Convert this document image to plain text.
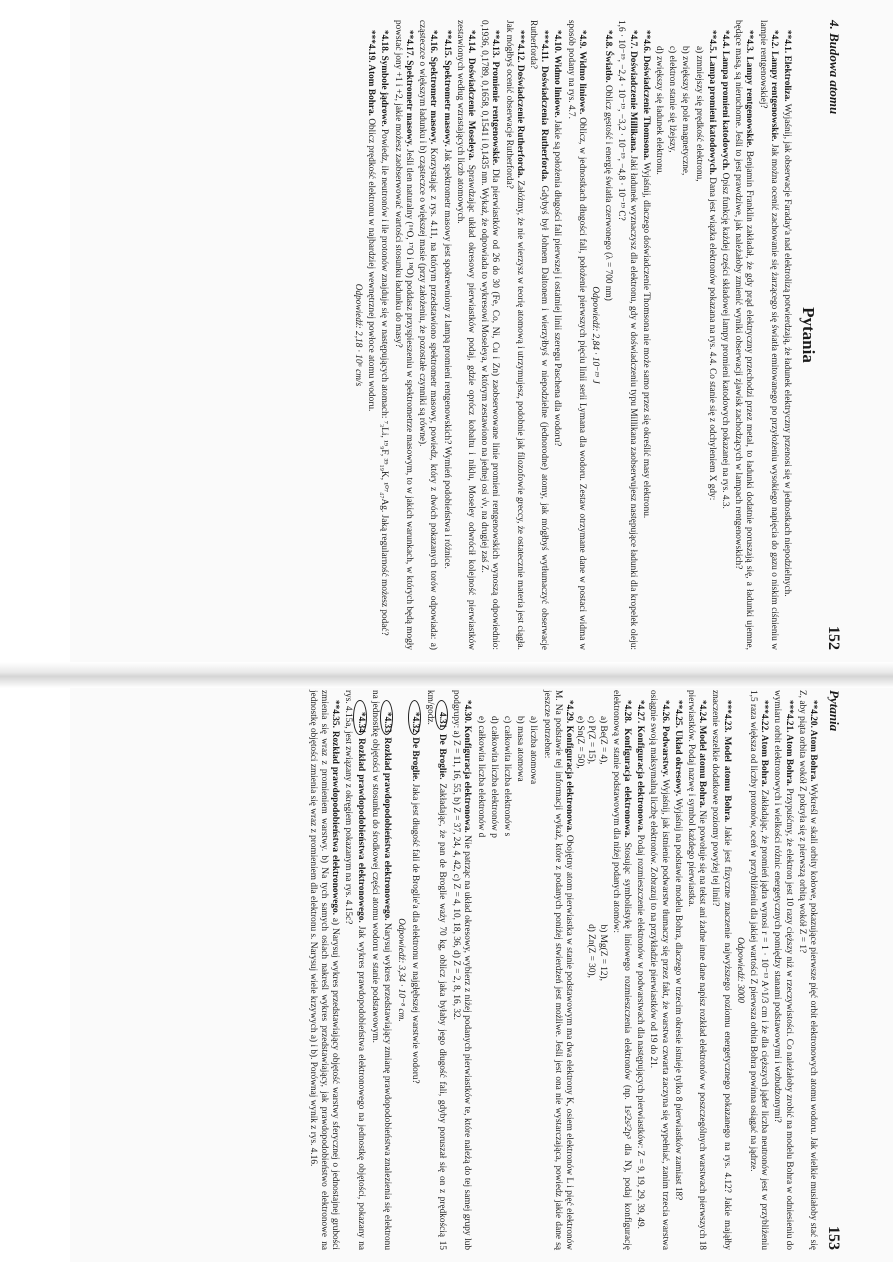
4. Budowa atomu
152
Pytania

**4.1. Elektroliza. Wyjaśnij, jak obserwacje Faraday'a nad elektrolizą potwierdzają, że ładunek elektryczny przenosi się w jednostkach niepodzielnych.

*4.2. Lampy rentgenowskie. Jak można ocenić zachowanie się żarzącego się światła emitowanego po przyłożeniu wysokiego napięcia do gazu o niskim ciśnieniu w lampie rentgenowskiej?

**4.3. Lampy rentgenowskie. Benjamin Franklin zakładał, że gdy prąd elektryczny przechodzi przez metal, to ładunki dodatnie poruszają się, a ładunki ujemne, będące masą, są nieruchome. Jeśli to jest prawdziwe, jak należałoby zmienić wyniki obserwacji zjawisk zachodzących w lampach rentgenowskich?

*4.4. Lampa promieni katodowych. Opisz funkcję każdej części składowej lampy promieni katodowych pokazanej na rys. 4.3.

**4.5. Lampa promieni katodowych. Dana jest wiązka elektronów pokazana na rys. 4.4. Co stanie się z odchyleniem X gdy:

a) zmniejszy się prędkość elektronu,

b) zwiększy się pole magnetyczne,

c) elektron stanie się lżejszy,

d) zwiększy się ładunek elektronu.

**4.6. Doświadczenie Thomsona. Wyjaśnij, dlaczego doświadczenie Thomsona nie może samo przez się określić masy elektronu.

*4.7. Doświadczenie Millikana. Jaki ładunek wyznaczysz dla elektronu, gdy w doświadczeniu typu Millikana zaobserwujesz następujące ładunki dla kropelek oleju: 1,6 · 10⁻¹⁹, −2,4 · 10⁻¹⁹, −3,2 · 10⁻¹⁹, −4,8 · 10⁻¹⁹ C?

*4.8. Światło. Oblicz gęstość i energię światła czerwonego (λ = 700 nm)

Odpowiedź: 2,84 · 10⁻¹⁹ J

*4.9. Widmo liniowe. Oblicz, w jednostkach długości fali, położenie pierwszych pięciu linii serii Lymana dla wodoru. Zestaw otrzymane dane w postaci widma w sposób podany na rys. 4.7.

*4.10. Widmo liniowe. Jakie są położenia długości fali pierwszej i ostatniej linii szeregu Paschena dla wodoru?

***4.11. Doświadczenia Rutherforda. Gdybyś był Johnem Daltonem i wierzyłbyś w niepodzielne (jednorodne) atomy, jak mógłbyś wytłumaczyć obserwacje Rutherforda?

***4.12. Doświadczenie Rutherforda. Załóżmy, że nie wierzysz w teorię atomową i utrzymujesz, podobnie jak filozofowie greccy, że ostatecznie materia jest ciągła. Jak mógłbyś ocenić obserwacje Rutherforda?

**4.13. Promienie rentgenowskie. Dla pierwiastków od 26 do 30 (Fe, Co, Ni, Cu i Zn) zaobserwowane linie promieni rentgenowskich wynoszą odpowiednio: 0,1936, 0,1789, 0,1658, 0,1541 i 0,1435 nm. Wykaż, że odpowiada to wykresowi Moseleya, w którym zestawiono na jednej osi √ν, na drugiej zaś Z.

*4.14. Doświadczenie Moseleya. Sprawdzając układ okresowy pierwiastków podaj, gdzie oprócz kobaltu i niklu, Moseley odwrócił kolejność pierwiastków zestawionych według wzrastających liczb atomowych.

**4.15. Spektrometr masowy. Jak spektrometr masowy jest spokrewniony z lampą promieni rentgenowskich? Wymień podobieństwa i różnice.

*4.16. Spektrometr masowy. Korzystając z rys. 4.11, na którym przedstawiono spektrometr masowy, powiedz, który z dwóch pokazanych torów odpowiada: a) cząsteczce o większym ładunku i b) cząsteczce o większej masie (przy założeniu, że pozostałe czynniki są równe).

**4.17. Spektrometr masowy. Jeśli tlen naturalny (¹⁶O, ¹⁷O i ¹⁸O) poddasz przyspieszeniu w spektrometrze masowym, to w jakich warunkach, w których będą mogły powstać jony +1 i +2, jakie możesz zaobserwować wartości stosunku ładunku do masy?

*4.18. Symbole jądrowe. Powiedz, ile neutronów i ile protonów znajduje się w następujących atomach: ⁷₃Li, ¹⁹₉F, ³⁹₁₉K, ¹⁰⁷₄₇Ag. Jaką regularność możesz podać?

***4.19. Atom Bohra. Oblicz prędkość elektronu w najbardziej wewnętrznej powłoce atomu wodoru.

Odpowiedź: 2,18 · 10⁶ cm/s

Pytania
153

**4.20. Atom Bohra. Wykreśl w skali orbity kołowe, pokazujące pierwsze pięć orbit elektronowych atomu wodoru. Jak wielkie musiałoby stać się Z, aby piąta orbita wokół Z pokryła się z pierwszą orbitą wokół Z = 1?

***4.21. Atom Bohra. Przypuśćmy, że elektron jest 10 razy cięższy niż w rzeczywistości. Co należałoby zrobić na modelu Bohra w odniesieniu do wymiaru orbit elektronowych i wielkości różnic energetycznych pomiędzy stanami podstawowymi i wzbudzonymi?

***4.22. Atom Bohra. Zakładając, że promień jądra wynosi r = 1 · 10⁻¹³ A^1/3 cm i że dla cięższych jąder liczba neutronów jest w przybliżeniu 1,5 raza większa od liczby protonów, oceń w przybliżeniu dla jakiej wartości Z pierwsza orbita Bohra powinna osiągać na jądrze.

Odpowiedź: 3000

***4.23. Model atomu Bohra. Jakie jest fizyczne znaczenie najwyższego poziomu energetycznego pokazanego na rys. 4.12? Jakie mająłby znaczenie wszelkie dodatkowe poziomy powyżej tej linii?

*4.24. Model atomu Bohra. Nie powołuje się na tekst ani żadne inne dane napisz rozkład elektronów w poszczególnych warstwach pierwszych 18 pierwiastków. Podaj nazwę i symbol każdego pierwiastka.

**4.25. Układ okresowy. Wyjaśnij na podstawie modelu Bohra, dlaczego w trzecim okresie istnieje tylko 8 pierwiastków zamiast 18?

*4.26. Podwarstwy. Wyjaśnij, jak istnienie podwarstw tłumaczy się przez fakt, że warstwa czwarta zaczyna się wypełniać, zanim trzecia warstwa osiągnie swoją maksymalną liczbę elektronów. Zobrazuj to na przykładzie pierwiastków od 19 do 21.

*4.27. Konfiguracja elektronowa. Podaj rozmieszczenie elektronów w podwarstwach dla następujących pierwiastków: Z = 9, 19, 29, 39, 49.

*4.28. Konfiguracja elektronowa. Stosując symbolistykę liniowego rozmieszczenia elektronów (np. 1s²2s²2p³ dla N), podaj konfigurację elektronową w stanie podstawowym dla niżej podanych atomów:

a) Be(Z = 4),
b) Mg(Z = 12),
c) P(Z = 15),
d) Zn(Z = 30),
e) Sn(Z = 50),

*4.29. Konfiguracja elektronowa. Obojętny atom pierwiastka w stanie podstawowym ma dwa elektrony K, osiem elektronów L i pięć elektronów M. Na podstawie tej informacji wykaż, które z podanych poniżej stwierdzeń jest możliwe. Jeśli jest ona nie wystarczająca, powiedz jakie dane są jeszcze potrzebne:

a) liczba atomowa

b) masa atomowa

c) całkowita liczba elektronów s

d) całkowita liczba elektronów p

e) całkowita liczba elektronów d

*4.30. Konfiguracja elektronowa. Nie patrząc na układ okresowy, wybierz z niżej podanych pierwiastków te, które należą do tej samej grupy lub podgrupy: a) Z = 11, 16, 55, b) Z = 37, 24, 4, 42, c) Z = 4, 10, 18, 36, d) Z = 2, 8, 16, 32.

4.31 De Broglie. Zakładając, że pan de Broglie waży 70 kg, oblicz jaka byłaby jego długość fali, gdyby poruszał się on z prędkością 15 km/godz.

*4.32 De Broglie. Jaka jest długość fali de Broglie'a dla elektronu w najgłębszej warstwie wodoru?

Odpowiedź: 3,34 · 10⁻⁸ cm.

*4.33 Rozkład prawdopodobieństwa elektronowego. Narysuj wykres przedstawiający zmianę prawdopodobieństwa znalezienia się elektronu na jednostkę objętości w stosunku do środkowej części atomu wodoru w stanie podstawowym.

*4.34 Rozkład prawdopodobieństwa elektronowego. Jak wykres prawdopodobieństwa elektronowego na jednostkę objętości, pokazany na rys. 4.15a, jest związany z okręgiem pokazanym na rys. 4.15c?

**4.35. Rozkład prawdopodobieństwa elektronowego. a) Narysuj wykres przedstawiający objętość warstwy sferycznej o jednostajnej grubości zmienia się wraz z promieniem warstwy. b) Na tych samych osiach nakreśl wykres przedstawiający, jak prawdopodobieństwo elektronowe na jednostkę objętości zmienia się wraz z promieniem dla elektronu s. Narysuj wiele krzywych a) i b). Porównaj wynik z rys. 4.16.
